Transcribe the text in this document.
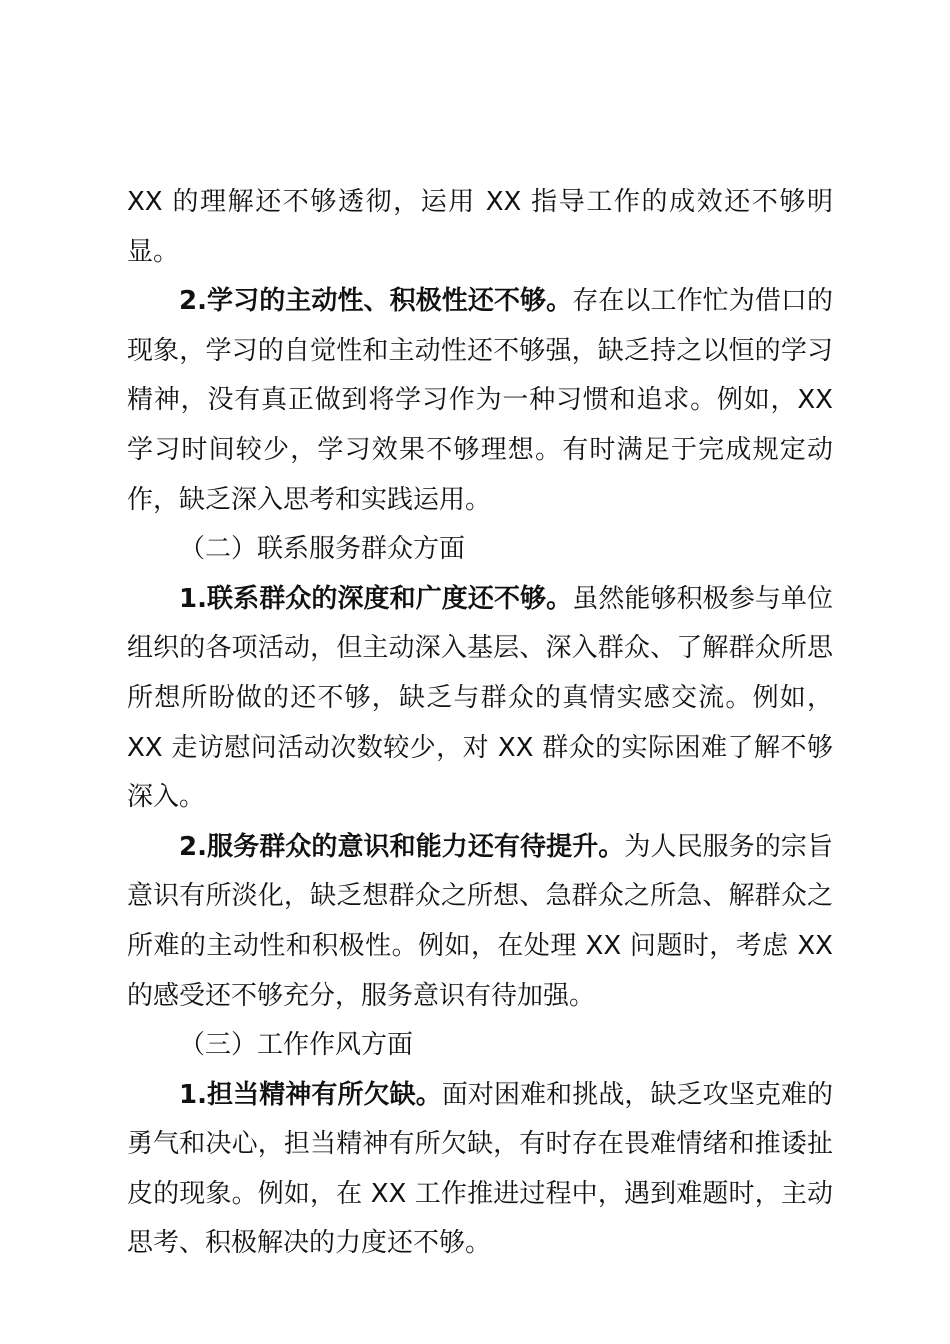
XX 的理解还不够透彻，运用 XX 指导工作的成效还不够明显。

2.学习的主动性、积极性还不够。存在以工作忙为借口的现象，学习的自觉性和主动性还不够强，缺乏持之以恒的学习精神，没有真正做到将学习作为一种习惯和追求。例如，XX 学习时间较少，学习效果不够理想。有时满足于完成规定动作，缺乏深入思考和实践运用。

（二）联系服务群众方面

1.联系群众的深度和广度还不够。虽然能够积极参与单位组织的各项活动，但主动深入基层、深入群众、了解群众所思所想所盼做的还不够，缺乏与群众的真情实感交流。例如，XX 走访慰问活动次数较少，对 XX 群众的实际困难了解不够深入。

2.服务群众的意识和能力还有待提升。为人民服务的宗旨意识有所淡化，缺乏想群众之所想、急群众之所急、解群众之所难的主动性和积极性。例如，在处理 XX 问题时，考虑 XX 的感受还不够充分，服务意识有待加强。

（三）工作作风方面

1.担当精神有所欠缺。面对困难和挑战，缺乏攻坚克难的勇气和决心，担当精神有所欠缺，有时存在畏难情绪和推诿扯皮的现象。例如，在 XX 工作推进过程中，遇到难题时，主动思考、积极解决的力度还不够。
